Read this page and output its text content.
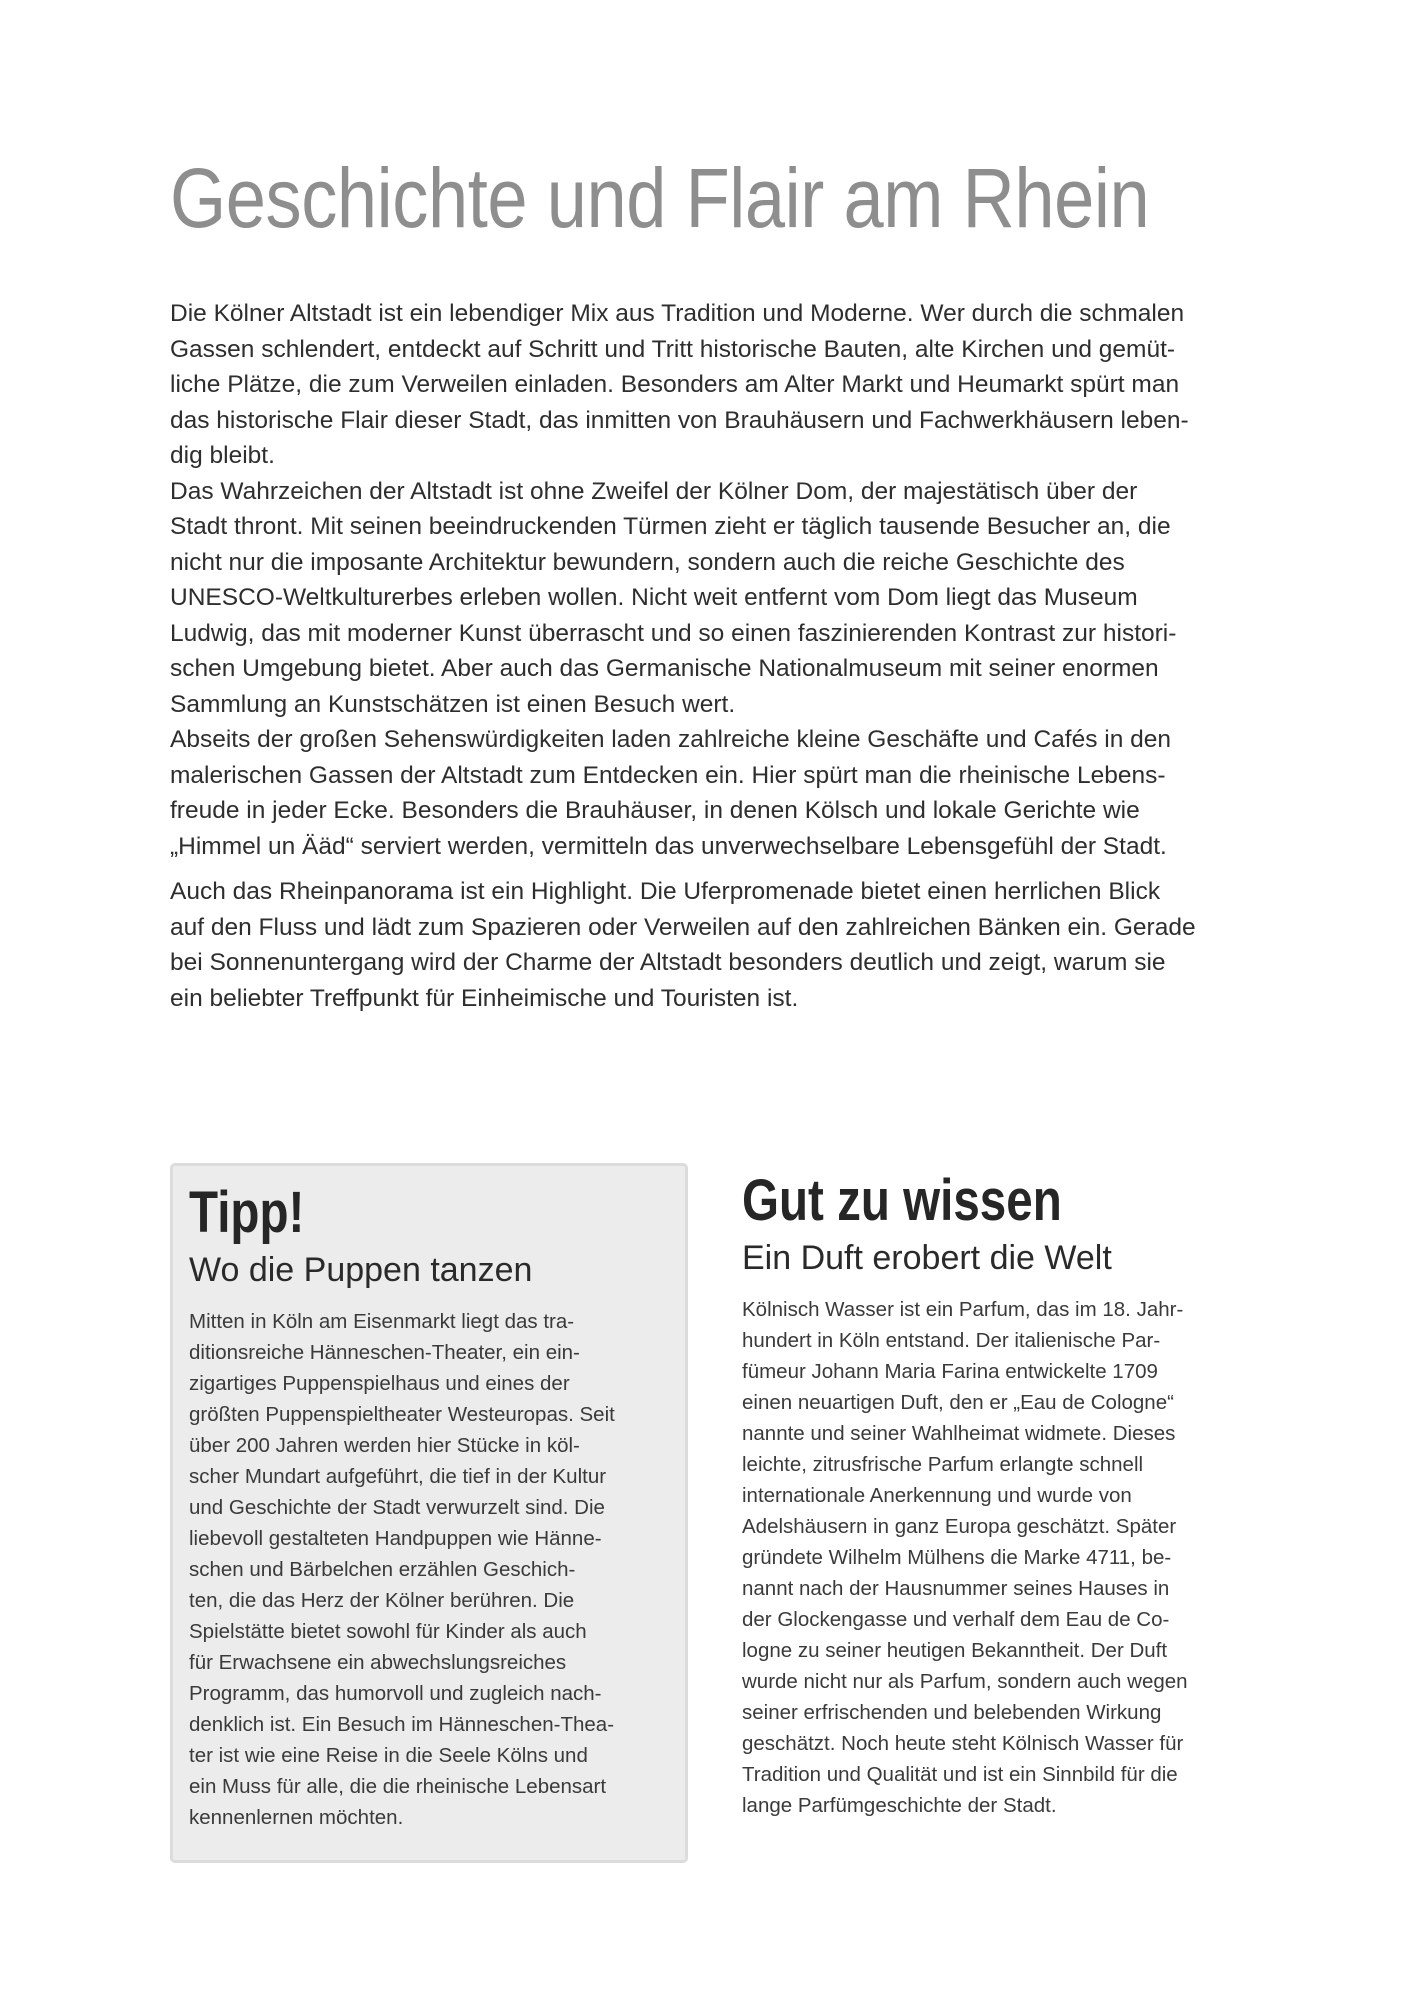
Geschichte und Flair am Rhein

Die Kölner Altstadt ist ein lebendiger Mix aus Tradition und Moderne. Wer durch die schmalen
Gassen schlendert, entdeckt auf Schritt und Tritt historische Bauten, alte Kirchen und gemüt-
liche Plätze, die zum Verweilen einladen. Besonders am Alter Markt und Heumarkt spürt man
das historische Flair dieser Stadt, das inmitten von Brauhäusern und Fachwerkhäusern leben-
dig bleibt.
Das Wahrzeichen der Altstadt ist ohne Zweifel der Kölner Dom, der majestätisch über der
Stadt thront. Mit seinen beeindruckenden Türmen zieht er täglich tausende Besucher an, die
nicht nur die imposante Architektur bewundern, sondern auch die reiche Geschichte des
UNESCO-Weltkulturerbes erleben wollen. Nicht weit entfernt vom Dom liegt das Museum
Ludwig, das mit moderner Kunst überrascht und so einen faszinierenden Kontrast zur histori-
schen Umgebung bietet. Aber auch das Germanische Nationalmuseum mit seiner enormen
Sammlung an Kunstschätzen ist einen Besuch wert.
Abseits der großen Sehenswürdigkeiten laden zahlreiche kleine Geschäfte und Cafés in den
malerischen Gassen der Altstadt zum Entdecken ein. Hier spürt man die rheinische Lebens-
freude in jeder Ecke. Besonders die Brauhäuser, in denen Kölsch und lokale Gerichte wie
„Himmel un Ääd“ serviert werden, vermitteln das unverwechselbare Lebensgefühl der Stadt.

Auch das Rheinpanorama ist ein Highlight. Die Uferpromenade bietet einen herrlichen Blick
auf den Fluss und lädt zum Spazieren oder Verweilen auf den zahlreichen Bänken ein. Gerade
bei Sonnenuntergang wird der Charme der Altstadt besonders deutlich und zeigt, warum sie
ein beliebter Treffpunkt für Einheimische und Touristen ist.

Tipp!
Wo die Puppen tanzen
Mitten in Köln am Eisenmarkt liegt das tra-
ditionsreiche Hänneschen-Theater, ein ein-
zigartiges Puppenspielhaus und eines der
größten Puppenspieltheater Westeuropas. Seit
über 200 Jahren werden hier Stücke in köl-
scher Mundart aufgeführt, die tief in der Kultur
und Geschichte der Stadt verwurzelt sind. Die
liebevoll gestalteten Handpuppen wie Hänne-
schen und Bärbelchen erzählen Geschich-
ten, die das Herz der Kölner berühren. Die
Spielstätte bietet sowohl für Kinder als auch
für Erwachsene ein abwechslungsreiches
Programm, das humorvoll und zugleich nach-
denklich ist. Ein Besuch im Hänneschen-Thea-
ter ist wie eine Reise in die Seele Kölns und
ein Muss für alle, die die rheinische Lebensart
kennenlernen möchten.
Gut zu wissen
Ein Duft erobert die Welt
Kölnisch Wasser ist ein Parfum, das im 18. Jahr-
hundert in Köln entstand. Der italienische Par-
fümeur Johann Maria Farina entwickelte 1709
einen neuartigen Duft, den er „Eau de Cologne“
nannte und seiner Wahlheimat widmete. Dieses
leichte, zitrusfrische Parfum erlangte schnell
internationale Anerkennung und wurde von
Adelshäusern in ganz Europa geschätzt. Später
gründete Wilhelm Mülhens die Marke 4711, be-
nannt nach der Hausnummer seines Hauses in
der Glockengasse und verhalf dem Eau de Co-
logne zu seiner heutigen Bekanntheit. Der Duft
wurde nicht nur als Parfum, sondern auch wegen
seiner erfrischenden und belebenden Wirkung
geschätzt. Noch heute steht Kölnisch Wasser für
Tradition und Qualität und ist ein Sinnbild für die
lange Parfümgeschichte der Stadt.
